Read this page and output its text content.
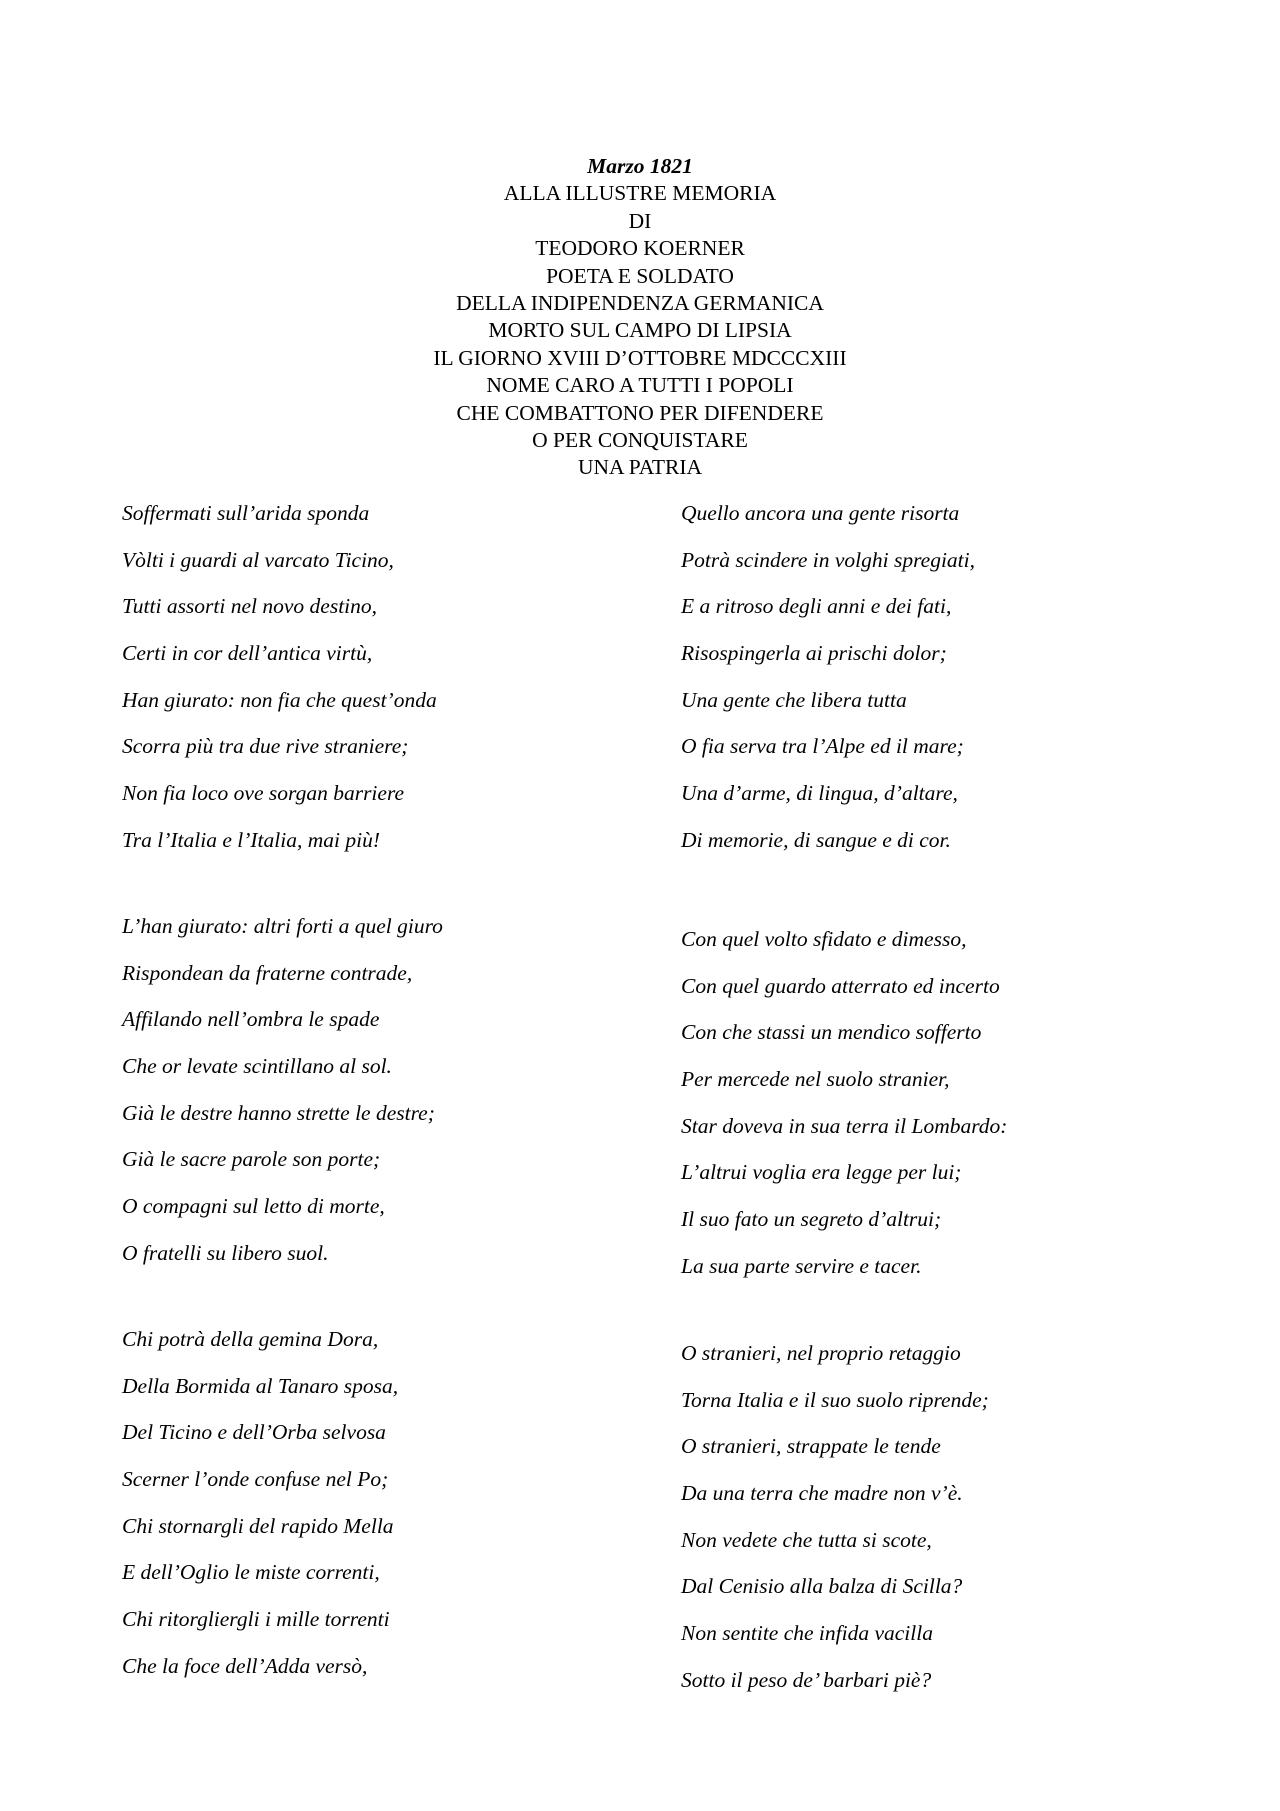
Marzo 1821
ALLA ILLUSTRE MEMORIA
DI
TEODORO KOERNER
POETA E SOLDATO
DELLA INDIPENDENZA GERMANICA
MORTO SUL CAMPO DI LIPSIA
IL GIORNO XVIII D’OTTOBRE MDCCCXIII
NOME CARO A TUTTI I POPOLI
CHE COMBATTONO PER DIFENDERE
O PER CONQUISTARE
UNA PATRIA
Soffermati sull’arida sponda
Vòlti i guardi al varcato Ticino,
Tutti assorti nel novo destino,
Certi in cor dell’antica virtù,
Han giurato: non fia che quest’onda
Scorra più tra due rive straniere;
Non fia loco ove sorgan barriere
Tra l’Italia e l’Italia, mai più!
L’han giurato: altri forti a quel giuro
Rispondean da fraterne contrade,
Affilando nell’ombra le spade
Che or levate scintillano al sol.
Già le destre hanno strette le destre;
Già le sacre parole son porte;
O compagni sul letto di morte,
O fratelli su libero suol.
Chi potrà della gemina Dora,
Della Bormida al Tanaro sposa,
Del Ticino e dell’Orba selvosa
Scerner l’onde confuse nel Po;
Chi stornargli del rapido Mella
E dell’Oglio le miste correnti,
Chi ritorgliergli i mille torrenti
Che la foce dell’Adda versò,
Quello ancora una gente risorta
Potrà scindere in volghi spregiati,
E a ritroso degli anni e dei fati,
Risospingerla ai prischi dolor;
Una gente che libera tutta
O fia serva tra l’Alpe ed il mare;
Una d’arme, di lingua, d’altare,
Di memorie, di sangue e di cor.
Con quel volto sfidato e dimesso,
Con quel guardo atterrato ed incerto
Con che stassi un mendico sofferto
Per mercede nel suolo stranier,
Star doveva in sua terra il Lombardo:
L’altrui voglia era legge per lui;
Il suo fato un segreto d’altrui;
La sua parte servire e tacer.
O stranieri, nel proprio retaggio
Torna Italia e il suo suolo riprende;
O stranieri, strappate le tende
Da una terra che madre non v’è.
Non vedete che tutta si scote,
Dal Cenisio alla balza di Scilla?
Non sentite che infida vacilla
Sotto il peso de’ barbari piè?
